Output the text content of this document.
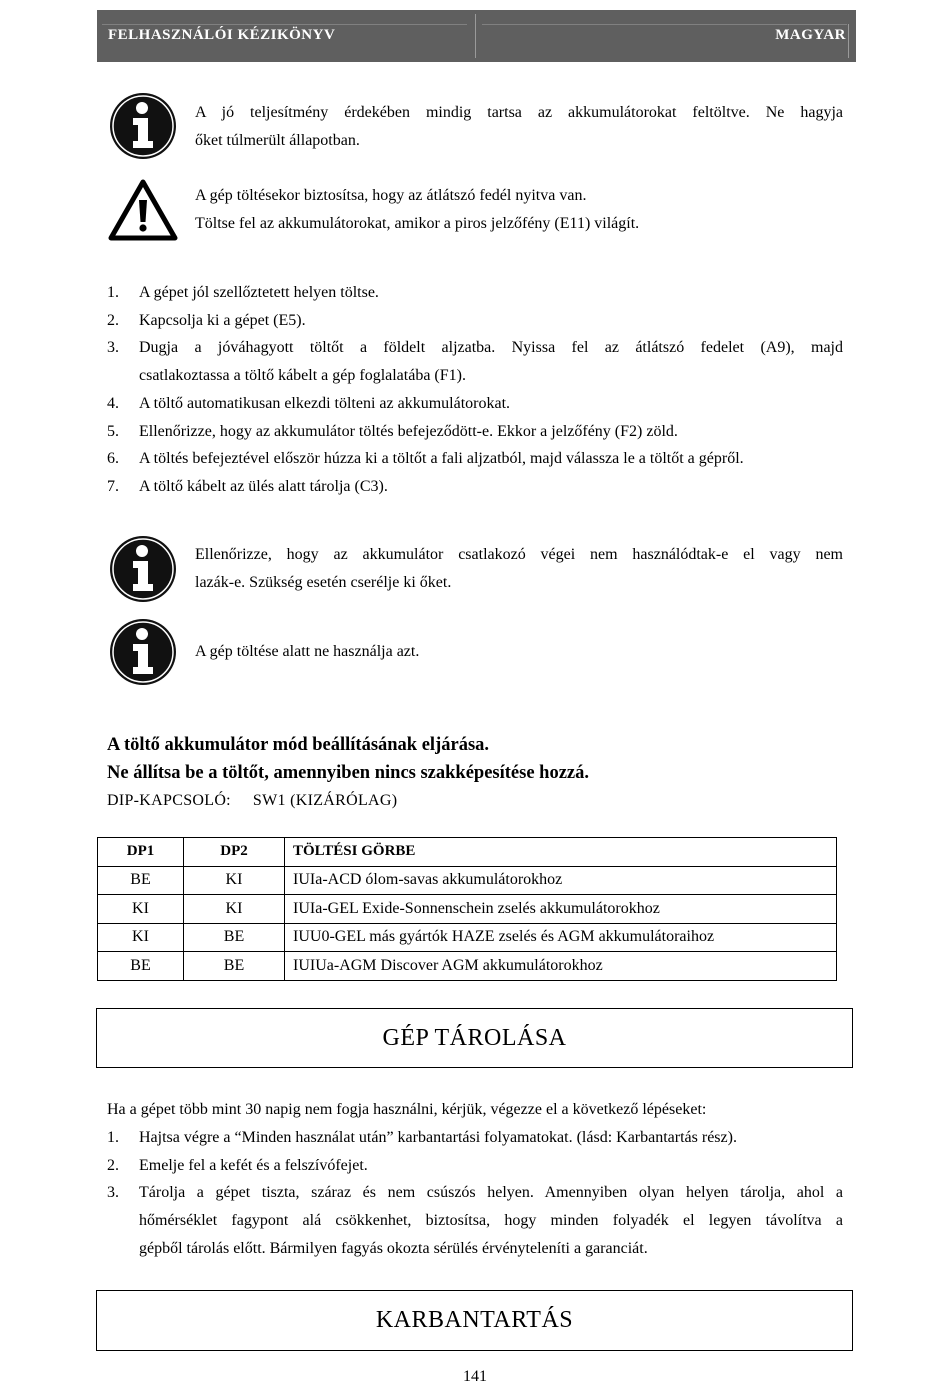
FELHASZNÁLÓI KÉZIKÖNYV	MAGYAR
A jó teljesítmény érdekében mindig tartsa az akkumulátorokat feltöltve. Ne hagyja
őket túlmerült állapotban.
A gép töltésekor biztosítsa, hogy az átlátszó fedél nyitva van.
Töltse fel az akkumulátorokat, amikor a piros jelzőfény (E11) világít.
1. A gépet jól szellőztetett helyen töltse.
2. Kapcsolja ki a gépet (E5).
3. Dugja a jóváhagyott töltőt a földelt aljzatba. Nyissa fel az átlátszó fedelet (A9), majd
csatlakoztassa a töltő kábelt a gép foglalatába (F1).
4. A töltő automatikusan elkezdi tölteni az akkumulátorokat.
5. Ellenőrizze, hogy az akkumulátor töltés befejeződött-e. Ekkor a jelzőfény (F2) zöld.
6. A töltés befejeztével először húzza ki a töltőt a fali aljzatból, majd válassza le a töltőt a gépről.
7. A töltő kábelt az ülés alatt tárolja (C3).
Ellenőrizze, hogy az akkumulátor csatlakozó végei nem használódtak-e el vagy nem
lazák-e. Szükség esetén cserélje ki őket.
A gép töltése alatt ne használja azt.
A töltő akkumulátor mód beállításának eljárása.
Ne állítsa be a töltőt, amennyiben nincs szakképesítése hozzá.
DIP-KAPCSOLÓ: SW1 (KIZÁRÓLAG)
DP1	DP2	TÖLTÉSI GÖRBE
BE	KI	IUIa-ACD ólom-savas akkumulátorokhoz
KI	KI	IUIa-GEL Exide-Sonnenschein zselés akkumulátorokhoz
KI	BE	IUU0-GEL más gyártók HAZE zselés és AGM akkumulátoraihoz
BE	BE	IUIUa-AGM Discover AGM akkumulátorokhoz
GÉP TÁROLÁSA
Ha a gépet több mint 30 napig nem fogja használni, kérjük, végezze el a következő lépéseket:
1. Hajtsa végre a “Minden használat után” karbantartási folyamatokat. (lásd: Karbantartás rész).
2. Emelje fel a kefét és a felszívófejet.
3. Tárolja a gépet tiszta, száraz és nem csúszós helyen. Amennyiben olyan helyen tárolja, ahol a
hőmérséklet fagypont alá csökkenhet, biztosítsa, hogy minden folyadék el legyen távolítva a
gépből tárolás előtt. Bármilyen fagyás okozta sérülés érvényteleníti a garanciát.
KARBANTARTÁS
141
